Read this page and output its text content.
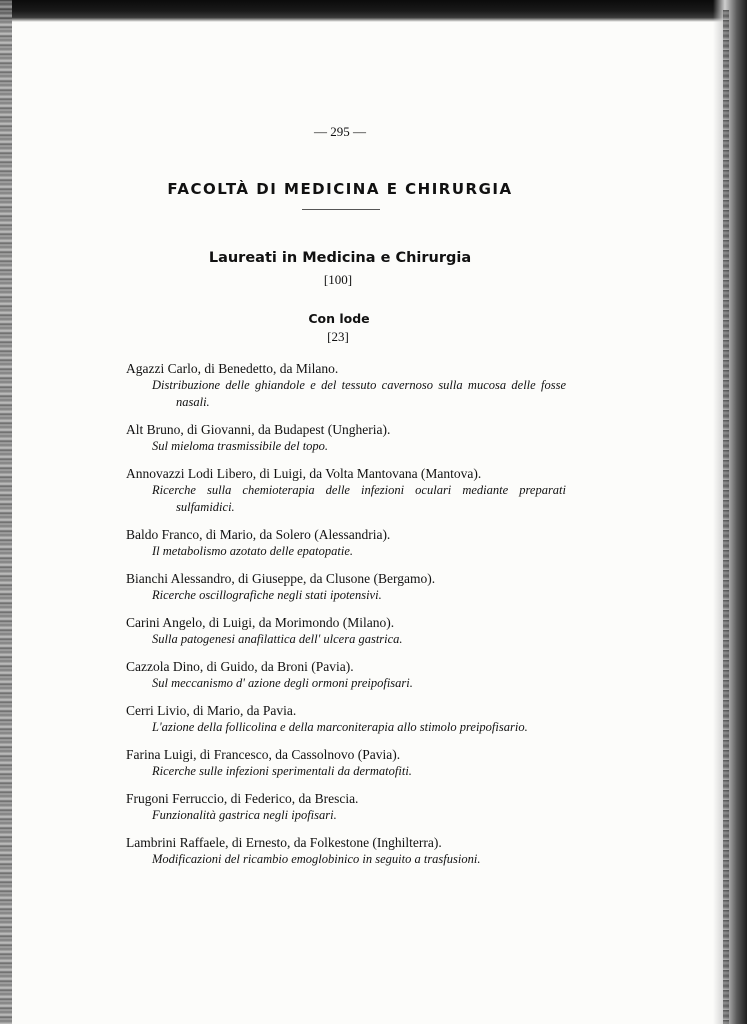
— 295 —
FACOLTÀ DI MEDICINA E CHIRURGIA
Laureati in Medicina e Chirurgia
[100]
Con lode
[23]
Agazzi Carlo, di Benedetto, da Milano.
Distribuzione delle ghiandole e del tessuto cavernoso sulla mucosa delle fosse nasali.
Alt Bruno, di Giovanni, da Budapest (Ungheria).
Sul mieloma trasmissibile del topo.
Annovazzi Lodi Libero, di Luigi, da Volta Mantovana (Mantova).
Ricerche sulla chemioterapia delle infezioni oculari mediante preparati sulfamidici.
Baldo Franco, di Mario, da Solero (Alessandria).
Il metabolismo azotato delle epatopatie.
Bianchi Alessandro, di Giuseppe, da Clusone (Bergamo).
Ricerche oscillografiche negli stati ipotensivi.
Carini Angelo, di Luigi, da Morimondo (Milano).
Sulla patogenesi anafilattica dell' ulcera gastrica.
Cazzola Dino, di Guido, da Broni (Pavia).
Sul meccanismo d' azione degli ormoni preipofisari.
Cerri Livio, di Mario, da Pavia.
L'azione della follicolina e della marconiterapia allo stimolo preipofisario.
Farina Luigi, di Francesco, da Cassolnovo (Pavia).
Ricerche sulle infezioni sperimentali da dermatofiti.
Frugoni Ferruccio, di Federico, da Brescia.
Funzionalità gastrica negli ipofisari.
Lambrini Raffaele, di Ernesto, da Folkestone (Inghilterra).
Modificazioni del ricambio emoglobinico in seguito a trasfusioni.
